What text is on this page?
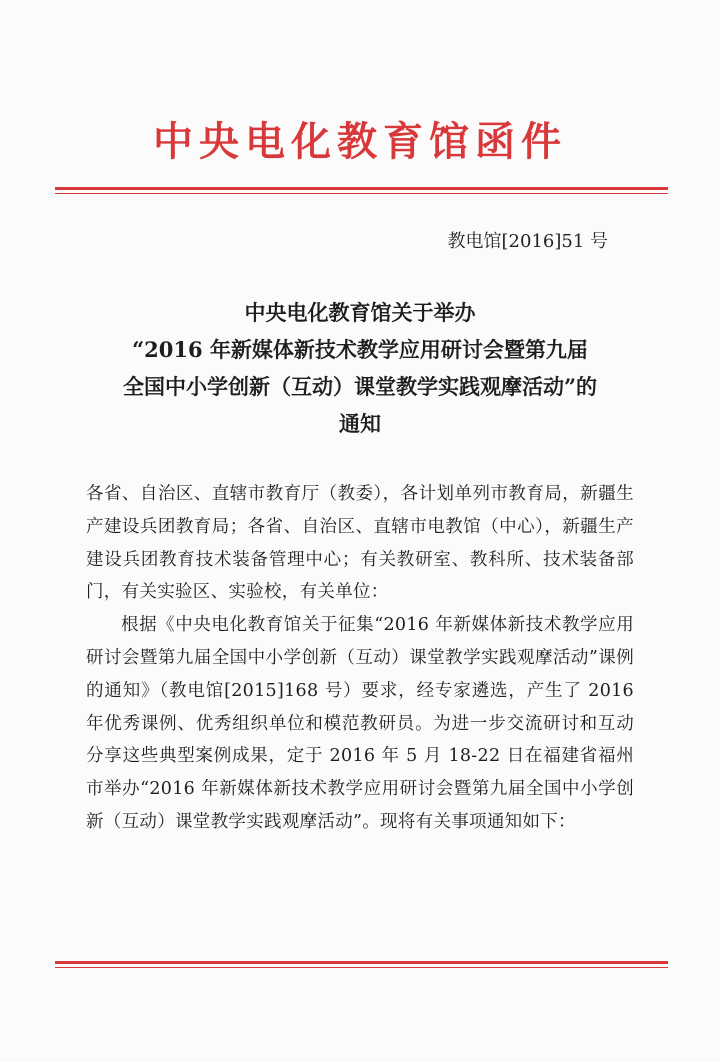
中央电化教育馆函件
教电馆[2016]51 号
中央电化教育馆关于举办
“2016 年新媒体新技术教学应用研讨会暨第九届
全国中小学创新（互动）课堂教学实践观摩活动”的
通知

各省、自治区、直辖市教育厅（教委），各计划单列市教育局，新疆生产建设兵团教育局；各省、自治区、直辖市电教馆（中心），新疆生产建设兵团教育技术装备管理中心；有关教研室、教科所、技术装备部门，有关实验区、实验校，有关单位：

根据《中央电化教育馆关于征集“2016 年新媒体新技术教学应用研讨会暨第九届全国中小学创新（互动）课堂教学实践观摩活动”课例的通知》（教电馆[2015]168 号）要求，经专家遴选，产生了 2016 年优秀课例、优秀组织单位和模范教研员。为进一步交流研讨和互动分享这些典型案例成果，定于 2016 年 5 月 18-22 日在福建省福州市举办“2016 年新媒体新技术教学应用研讨会暨第九届全国中小学创新（互动）课堂教学实践观摩活动”。现将有关事项通知如下：
